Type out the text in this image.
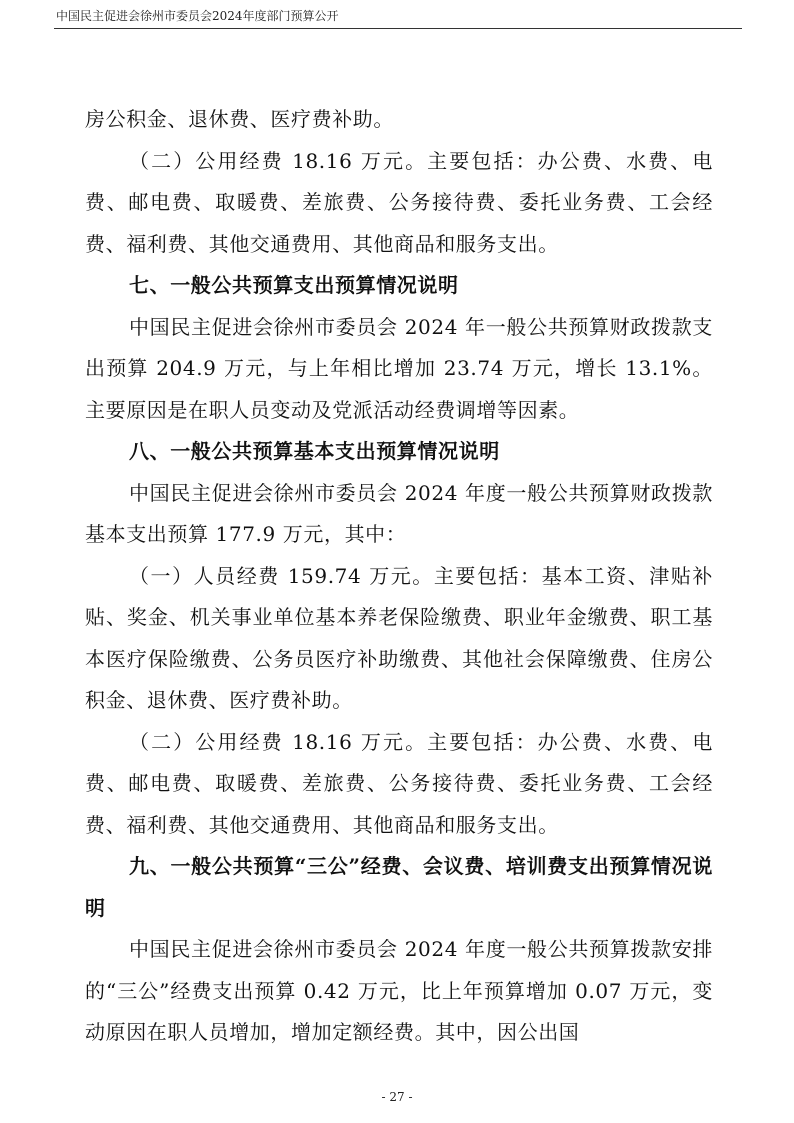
中国民主促进会徐州市委员会2024年度部门预算公开

房公积金、退休费、医疗费补助。

（二）公用经费 18.16 万元。主要包括：办公费、水费、电费、邮电费、取暖费、差旅费、公务接待费、委托业务费、工会经费、福利费、其他交通费用、其他商品和服务支出。

七、一般公共预算支出预算情况说明

中国民主促进会徐州市委员会 2024 年一般公共预算财政拨款支出预算 204.9 万元，与上年相比增加 23.74 万元，增长 13.1%。主要原因是在职人员变动及党派活动经费调增等因素。

八、一般公共预算基本支出预算情况说明

中国民主促进会徐州市委员会 2024 年度一般公共预算财政拨款基本支出预算 177.9 万元，其中：

（一）人员经费 159.74 万元。主要包括：基本工资、津贴补贴、奖金、机关事业单位基本养老保险缴费、职业年金缴费、职工基本医疗保险缴费、公务员医疗补助缴费、其他社会保障缴费、住房公积金、退休费、医疗费补助。

（二）公用经费 18.16 万元。主要包括：办公费、水费、电费、邮电费、取暖费、差旅费、公务接待费、委托业务费、工会经费、福利费、其他交通费用、其他商品和服务支出。

九、一般公共预算“三公”经费、会议费、培训费支出预算情况说明

中国民主促进会徐州市委员会 2024 年度一般公共预算拨款安排的“三公”经费支出预算 0.42 万元，比上年预算增加 0.07 万元，变动原因在职人员增加，增加定额经费。其中，因公出国

- 27 -
